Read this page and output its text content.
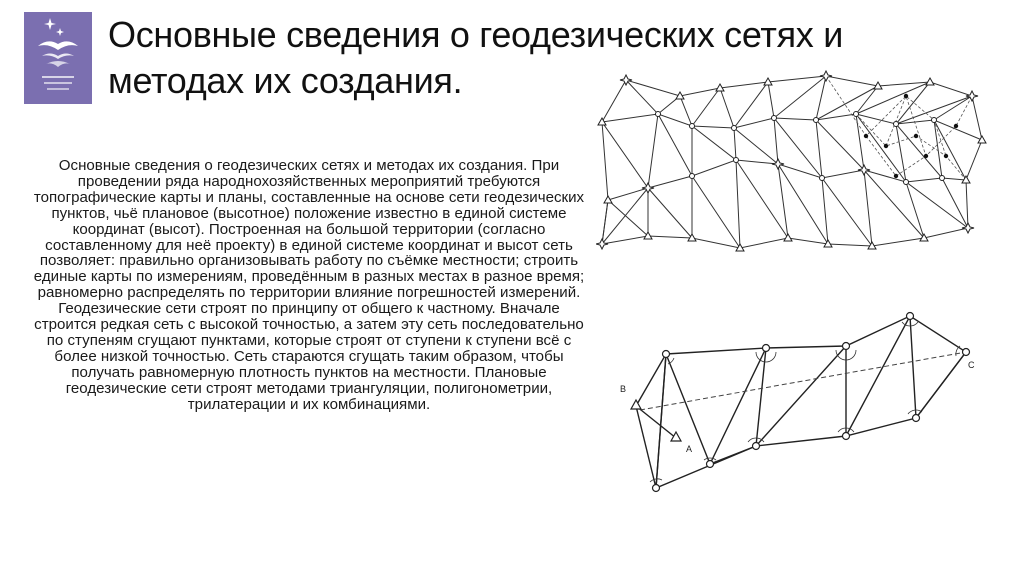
Основные сведения о геодезических сетях и методах их создания.

Основные сведения о геодезических сетях и методах их создания. При проведении ряда народнохозяйственных мероприятий требуются топографические карты и планы, составленные на основе сети геодезических пунктов, чьё плановое (высотное) положение известно в единой системе координат (высот). Построенная на большой территории (согласно составленному для неё проекту) в единой системе координат и высот сеть позволяет: правильно организовывать работу по съёмке местности; строить единые карты по измерениям, проведённым в разных местах в разное время; равномерно распределять по территории влияние погрешностей измерений. Геодезические сети строят по принципу от общего к частному. Вначале строится редкая сеть с высокой точностью, а затем эту сеть последовательно по ступеням сгущают пунктами, которые строят от ступени к ступени всё с более низкой точностью. Сеть стараются сгущать таким образом, чтобы получать равномерную плотность пунктов на местности. Плановые геодезические сети строят методами триангуляции, полигонометрии, трилатерации и их комбинациями.

B
A
C
